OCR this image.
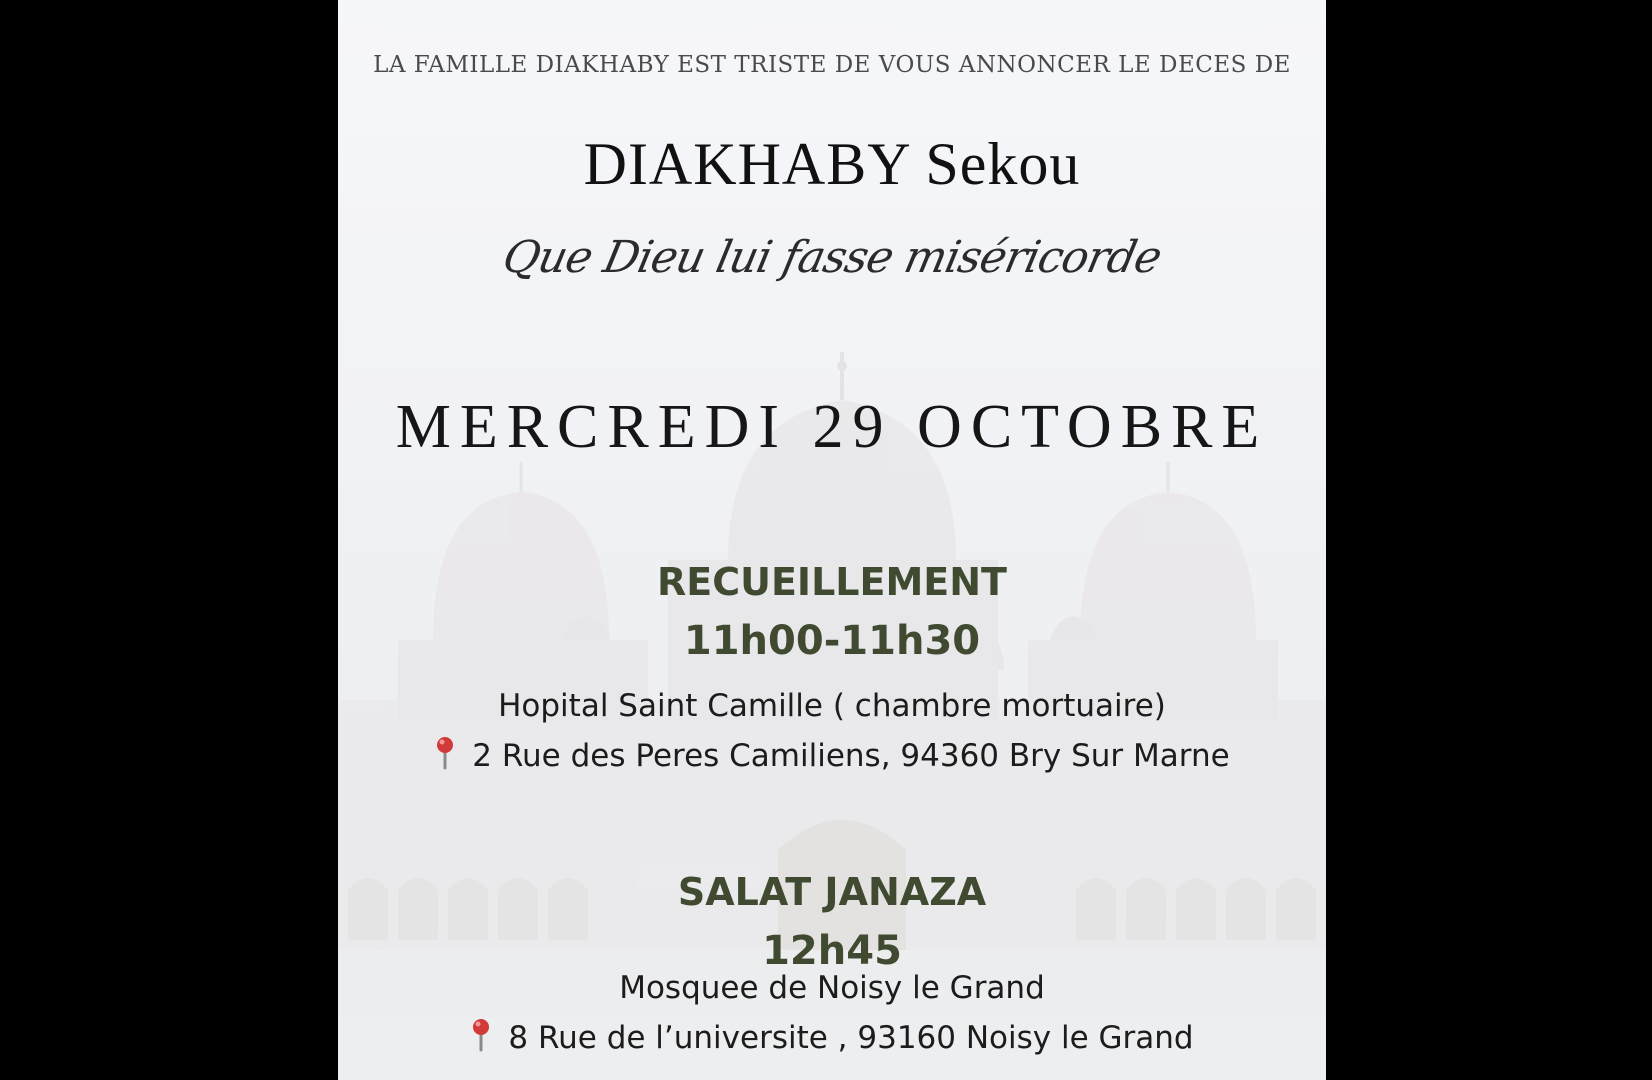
LA FAMILLE DIAKHABY EST TRISTE DE VOUS ANNONCER LE DECES DE
DIAKHABY Sekou
Que Dieu lui fasse miséricorde
MERCREDI 29 OCTOBRE
RECUEILLEMENT
11h00-11h30
Hopital Saint Camille ( chambre mortuaire)
2 Rue des Peres Camiliens, 94360 Bry Sur Marne
SALAT JANAZA
12h45
Mosquee de Noisy le Grand
8 Rue de l’universite , 93160 Noisy le Grand
